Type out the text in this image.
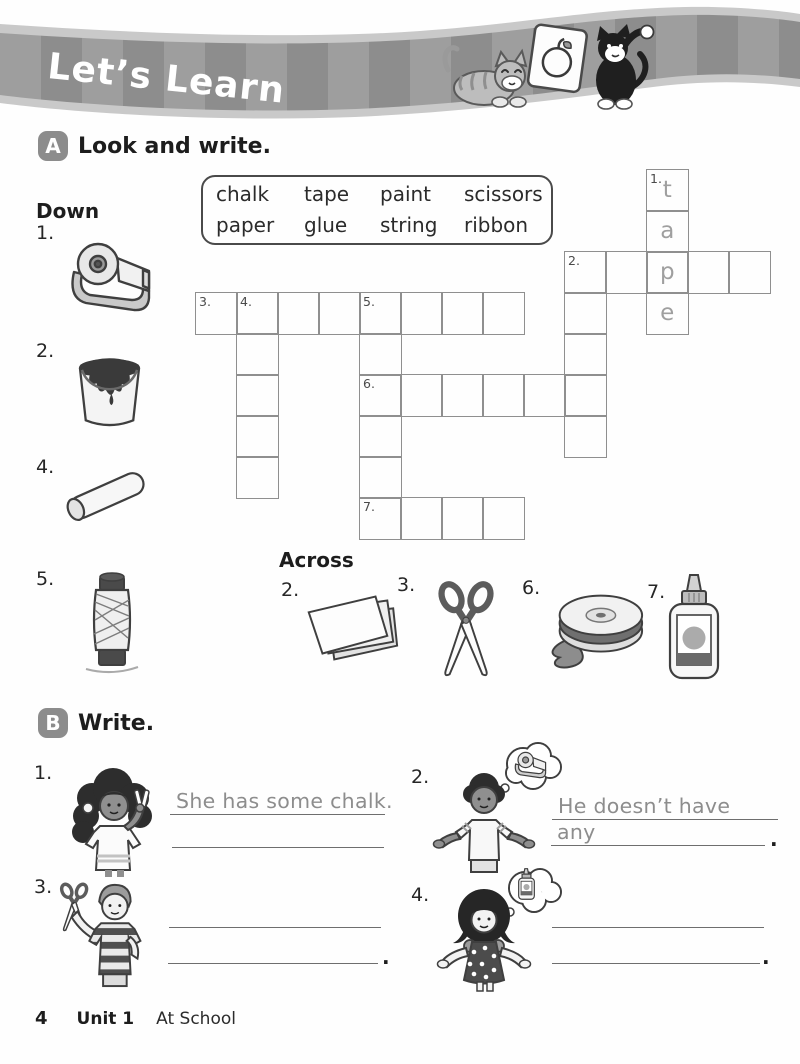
Let’s Learn
A Look and write.
chalk	tape	paint	scissors
paper	glue	string	ribbon
Down
1.
2.
4.
5.
1. t
a
p
e
2.
3. 4.	5.
6.
7.
Across
2.	3.	6.	7.
B Write.
1.
She has some chalk.
2.
He doesn’t have
any	.
3.
.
4.
.
4 Unit 1 At School
